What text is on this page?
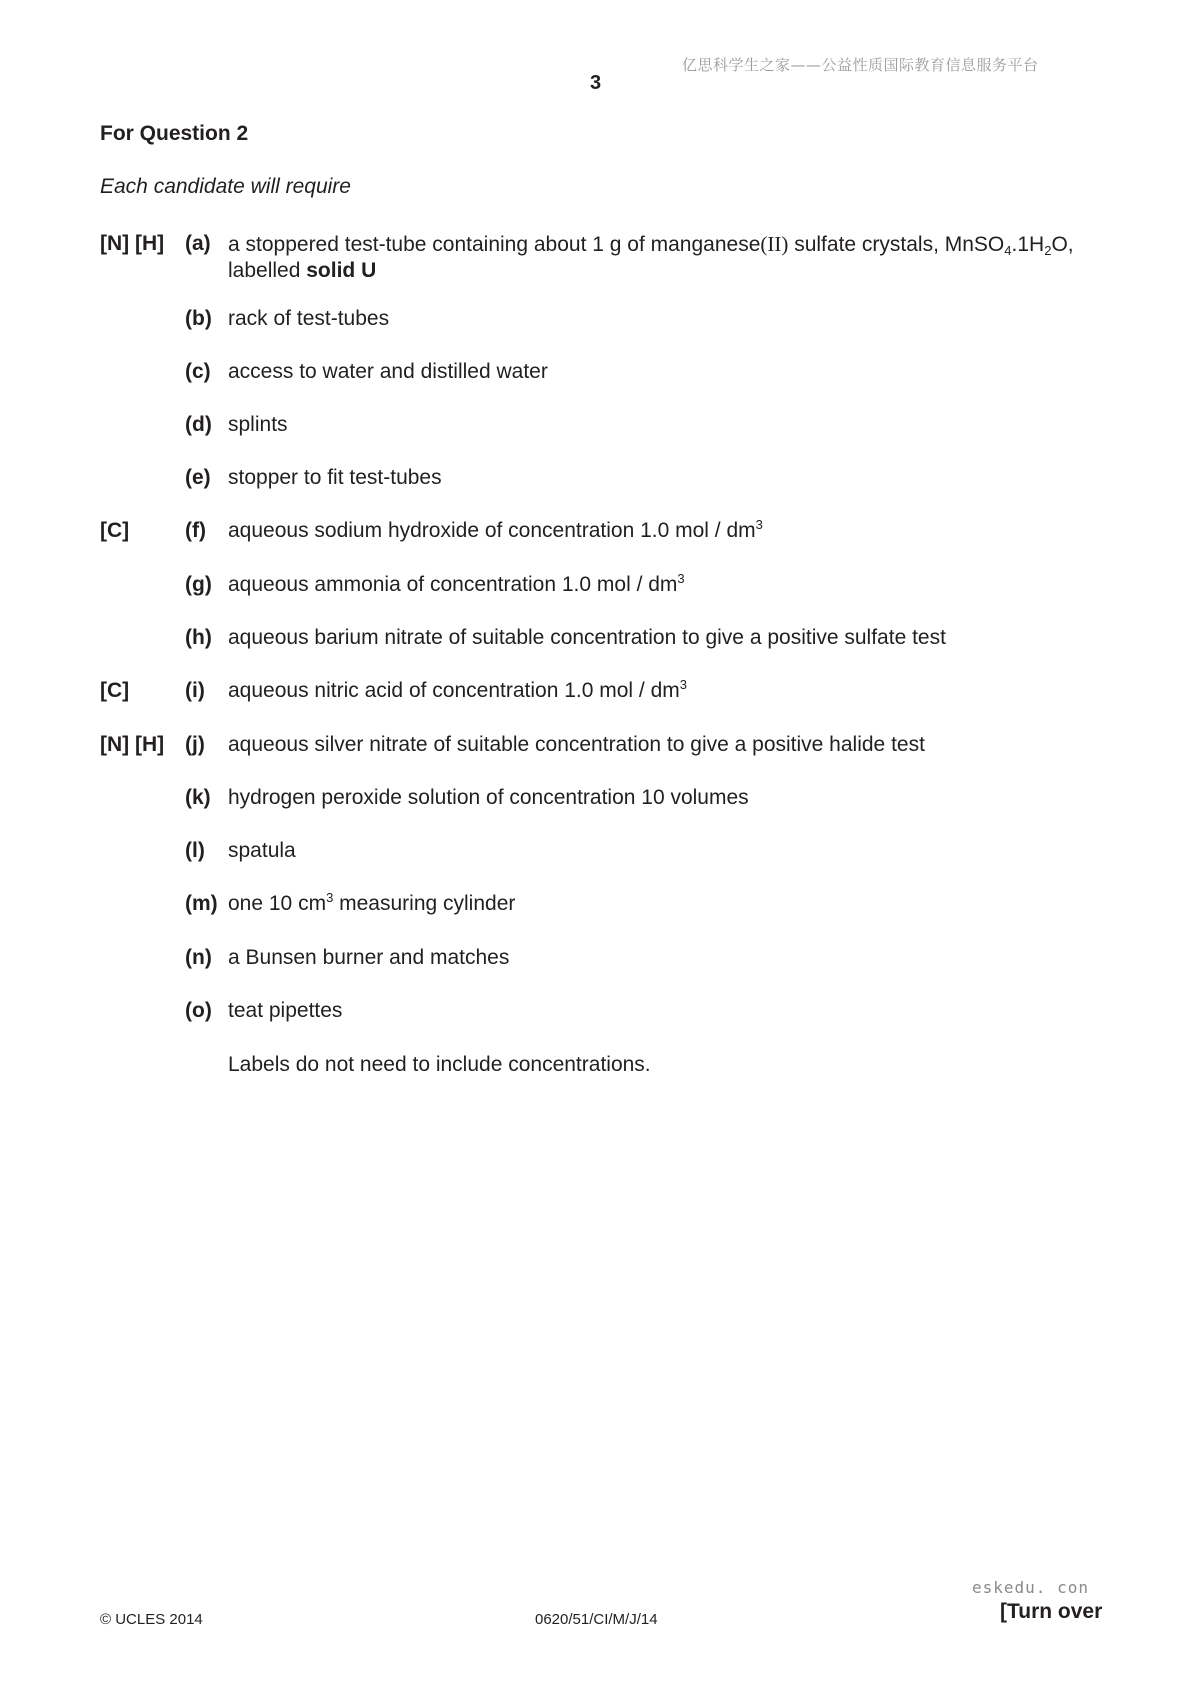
亿思科学生之家——公益性质国际教育信息服务平台
3
For Question 2
Each candidate will require
[N] [H] (a) a stoppered test-tube containing about 1 g of manganese(II) sulfate crystals, $MnSO_4.1H_2O$,
labelled solid U
(b) rack of test-tubes
(c) access to water and distilled water
(d) splints
(e) stopper to fit test-tubes
[C]	(f) aqueous sodium hydroxide of concentration 1.0 mol / $dm^3$
(g) aqueous ammonia of concentration 1.0 mol / $dm^3$
(h) aqueous barium nitrate of suitable concentration to give a positive sulfate test
[C]	(i) aqueous nitric acid of concentration 1.0 mol / $dm^3$
[N] [H] (j) aqueous silver nitrate of suitable concentration to give a positive halide test
(k) hydrogen peroxide solution of concentration 10 volumes
(l) spatula
(m) one 10 $cm^3$ measuring cylinder
(n) a Bunsen burner and matches
(o) teat pipettes
Labels do not need to include concentrations.
eskedu. con
© UCLES 2014	0620/51/CI/M/J/14	[Turn over
